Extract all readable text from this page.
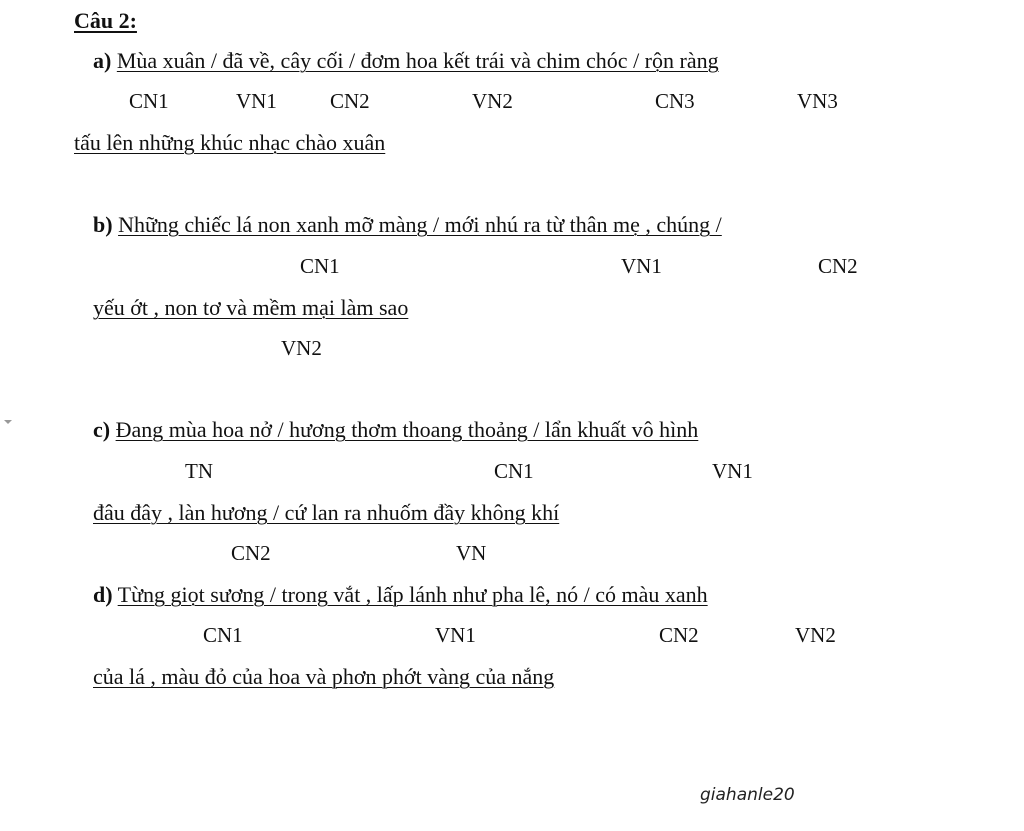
Câu 2:
a) Mùa xuân / đã về, cây cối / đơm hoa kết trái và chim chóc / rộn ràng
CN1	VN1	CN2	VN2	CN3	VN3
tấu lên những khúc nhạc chào xuân
b) Những chiếc lá non xanh mỡ màng / mới nhú ra từ thân mẹ , chúng /
CN1	VN1	CN2
yếu ớt , non tơ và mềm mại làm sao
VN2
c) Đang mùa hoa nở / hương thơm thoang thoảng / lẩn khuất vô hình
TN	CN1	VN1
đâu đây , làn hương / cứ lan ra nhuốm đầy không khí
CN2	VN
d) Từng giọt sương / trong vắt , lấp lánh như pha lê, nó / có màu xanh
CN1	VN1	CN2	VN2
của lá , màu đỏ của hoa và phơn phớt vàng của nắng
giahanle20
